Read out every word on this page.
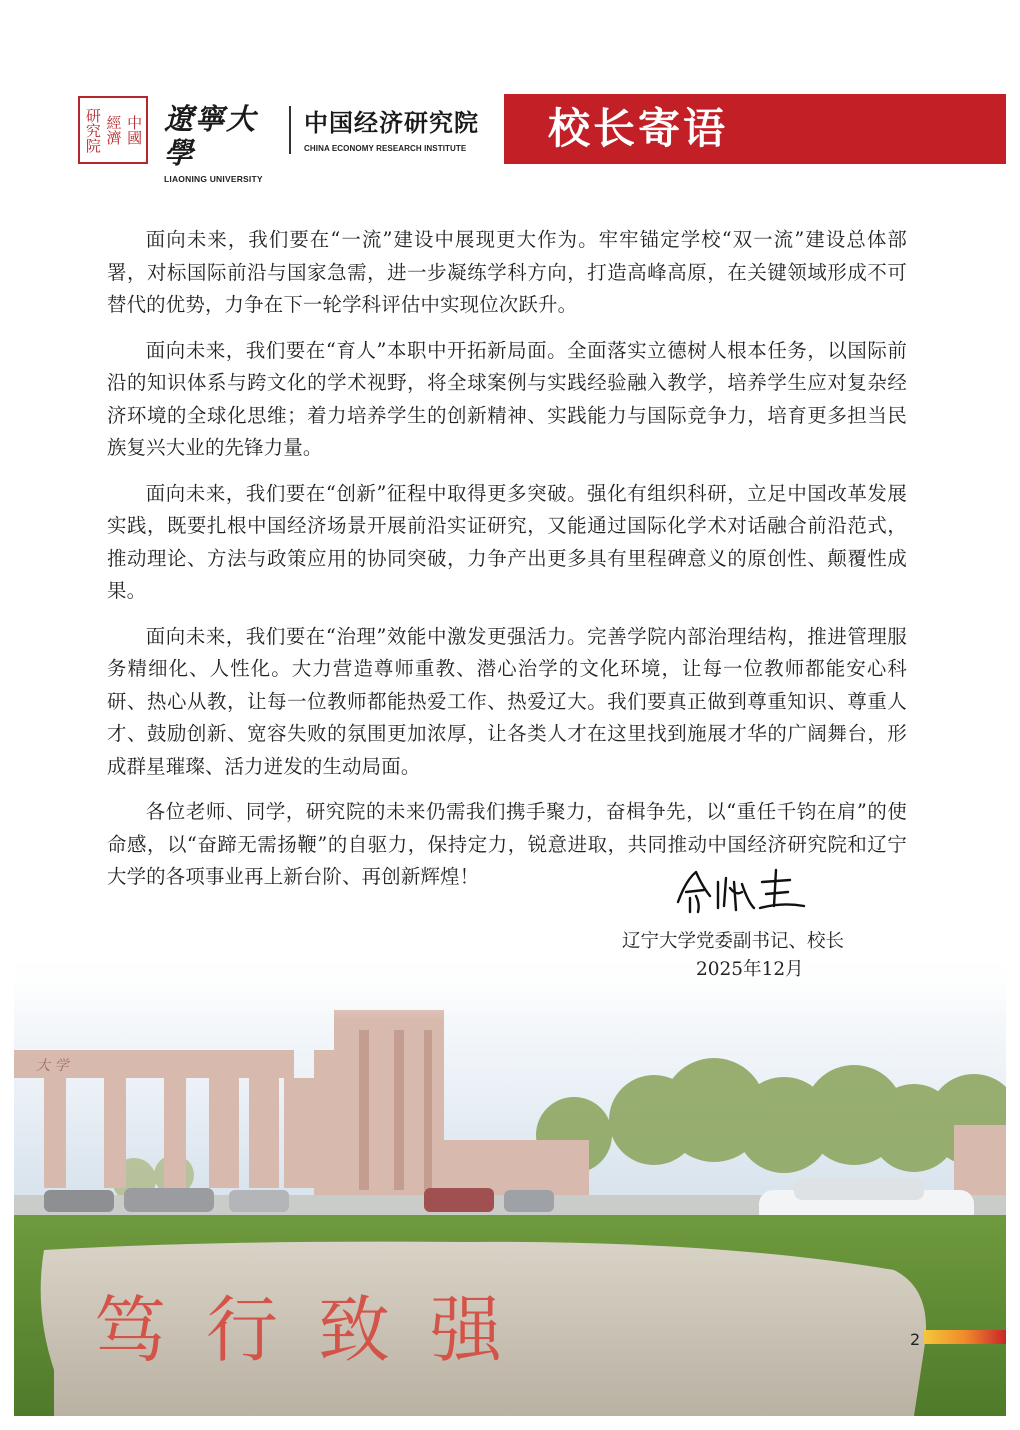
研究院 經濟 中國 遼寧大學
LIAONING UNIVERSITY
中国经济研究院
CHINA ECONOMY RESEARCH INSTITUTE	校长寄语

面向未来，我们要在“一流”建设中展现更大作为。牢牢锚定学校“双一流”建设总体部署，对标国际前沿与国家急需，进一步凝练学科方向，打造高峰高原，在关键领域形成不可替代的优势，力争在下一轮学科评估中实现位次跃升。

面向未来，我们要在“育人”本职中开拓新局面。全面落实立德树人根本任务，以国际前沿的知识体系与跨文化的学术视野，将全球案例与实践经验融入教学，培养学生应对复杂经济环境的全球化思维；着力培养学生的创新精神、实践能力与国际竞争力，培育更多担当民族复兴大业的先锋力量。

面向未来，我们要在“创新”征程中取得更多突破。强化有组织科研，立足中国改革发展实践，既要扎根中国经济场景开展前沿实证研究，又能通过国际化学术对话融合前沿范式，推动理论、方法与政策应用的协同突破，力争产出更多具有里程碑意义的原创性、颠覆性成果。

面向未来，我们要在“治理”效能中激发更强活力。完善学院内部治理结构，推进管理服务精细化、人性化。大力营造尊师重教、潜心治学的文化环境，让每一位教师都能安心科研、热心从教，让每一位教师都能热爱工作、热爱辽大。我们要真正做到尊重知识、尊重人才、鼓励创新、宽容失败的氛围更加浓厚，让各类人才在这里找到施展才华的广阔舞台，形成群星璀璨、活力迸发的生动局面。

各位老师、同学，研究院的未来仍需我们携手聚力，奋楫争先，以“重任千钧在肩”的使命感，以“奋蹄无需扬鞭”的自驱力，保持定力，锐意进取，共同推动中国经济研究院和辽宁大学的各项事业再上新台阶、再创新辉煌！

大 学
笃行致强
辽宁大学党委副书记、校长
2025年12月
2
